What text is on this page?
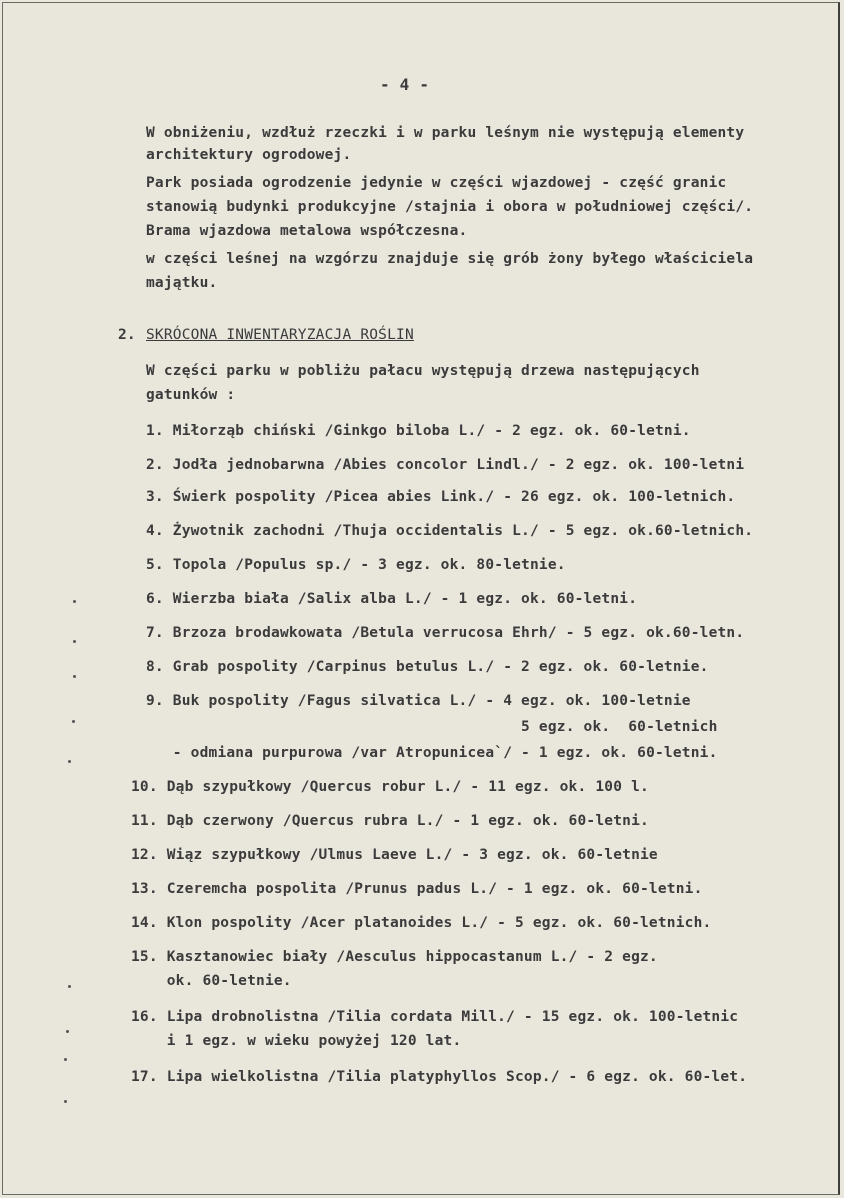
- 4 -
W obniżeniu, wzdłuż rzeczki i w parku leśnym nie występują elementy
architektury ogrodowej.
Park posiada ogrodzenie jedynie w części wjazdowej - część granic
stanowią budynki produkcyjne /stajnia i obora w południowej części/.
Brama wjazdowa metalowa współczesna.
w części leśnej na wzgórzu znajduje się grób żony byłego właściciela
majątku.
2. SKRÓCONA INWENTARYZACJA ROŚLIN
W części parku w pobliżu pałacu występują drzewa następujących
gatunków :
1. Miłorząb chiński /Ginkgo biloba L./ - 2 egz. ok. 60-letni.
2. Jodła jednobarwna /Abies concolor Lindl./ - 2 egz. ok. 100-letni
3. Świerk pospolity /Picea abies Link./ - 26 egz. ok. 100-letnich.
4. Żywotnik zachodni /Thuja occidentalis L./ - 5 egz. ok.60-letnich.
5. Topola /Populus sp./ - 3 egz. ok. 80-letnie.
6. Wierzba biała /Salix alba L./ - 1 egz. ok. 60-letni.
7. Brzoza brodawkowata /Betula verrucosa Ehrh/ - 5 egz. ok.60-letn.
8. Grab pospolity /Carpinus betulus L./ - 2 egz. ok. 60-letnie.
9. Buk pospolity /Fagus silvatica L./ - 4 egz. ok. 100-letnie
5 egz. ok.  60-letnich
- odmiana purpurowa /var Atropunicea`/ - 1 egz. ok. 60-letni.
10. Dąb szypułkowy /Quercus robur L./ - 11 egz. ok. 100 l.
11. Dąb czerwony /Quercus rubra L./ - 1 egz. ok. 60-letni.
12. Wiąz szypułkowy /Ulmus Laeve L./ - 3 egz. ok. 60-letnie
13. Czeremcha pospolita /Prunus padus L./ - 1 egz. ok. 60-letni.
14. Klon pospolity /Acer platanoides L./ - 5 egz. ok. 60-letnich.
15. Kasztanowiec biały /Aesculus hippocastanum L./ - 2 egz.
ok. 60-letnie.
16. Lipa drobnolistna /Tilia cordata Mill./ - 15 egz. ok. 100-letnic
i 1 egz. w wieku powyżej 120 lat.
17. Lipa wielkolistna /Tilia platyphyllos Scop./ - 6 egz. ok. 60-let.
